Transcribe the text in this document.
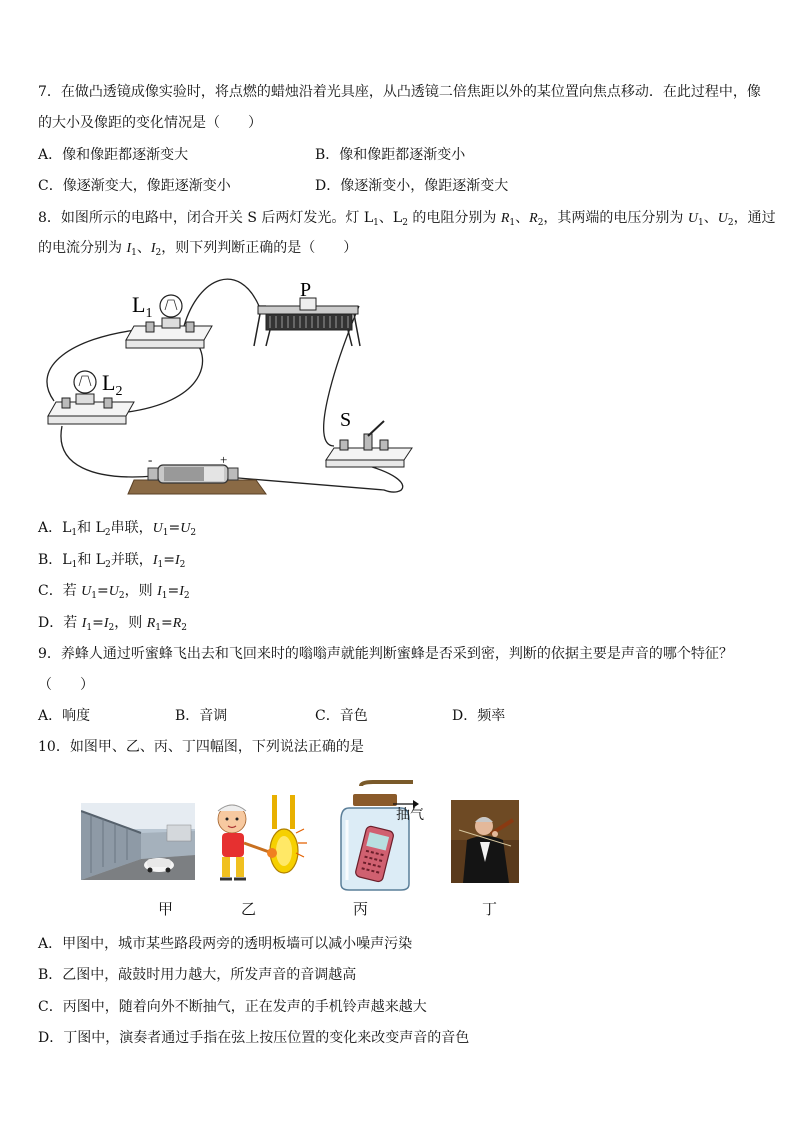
7．在做凸透镜成像实验时，将点燃的蜡烛沿着光具座，从凸透镜二倍焦距以外的某位置向焦点移动．在此过程中，像
的大小及像距的变化情况是（　　）
A．像和像距都逐渐变大	B．像和像距都逐渐变小
C．像逐渐变大，像距逐渐变小	D．像逐渐变小，像距逐渐变大
8．如图所示的电路中，闭合开关 S 后两灯发光。灯 $L_1$、$L_2$ 的电阻分别为 $R_1$、$R_2$，其两端的电压分别为 $U_1$、$U_2$，通过
的电流分别为 $I_1$、$I_2$，则下列判断正确的是（　　）
$L_1$
$L_2$
P
S
-	+
A．$L_1$和 $L_2$串联，$U_1=U_2$
B．$L_1$和 $L_2$并联，$I_1=I_2$
C．若 $U_1=U_2$，则 $I_1=I_2$
D．若 $I_1=I_2$，则 $R_1=R_2$
9．养蜂人通过听蜜蜂飞出去和飞回来时的嗡嗡声就能判断蜜蜂是否采到密，判断的依据主要是声音的哪个特征？
（　　）
A．响度	B．音调	C．音色	D．频率
10．如图甲、乙、丙、丁四幅图，下列说法正确的是
抽气
甲	乙	丙	丁
A．甲图中，城市某些路段两旁的透明板墙可以减小噪声污染
B．乙图中，敲鼓时用力越大，所发声音的音调越高
C．丙图中，随着向外不断抽气，正在发声的手机铃声越来越大
D．丁图中，演奏者通过手指在弦上按压位置的变化来改变声音的音色
